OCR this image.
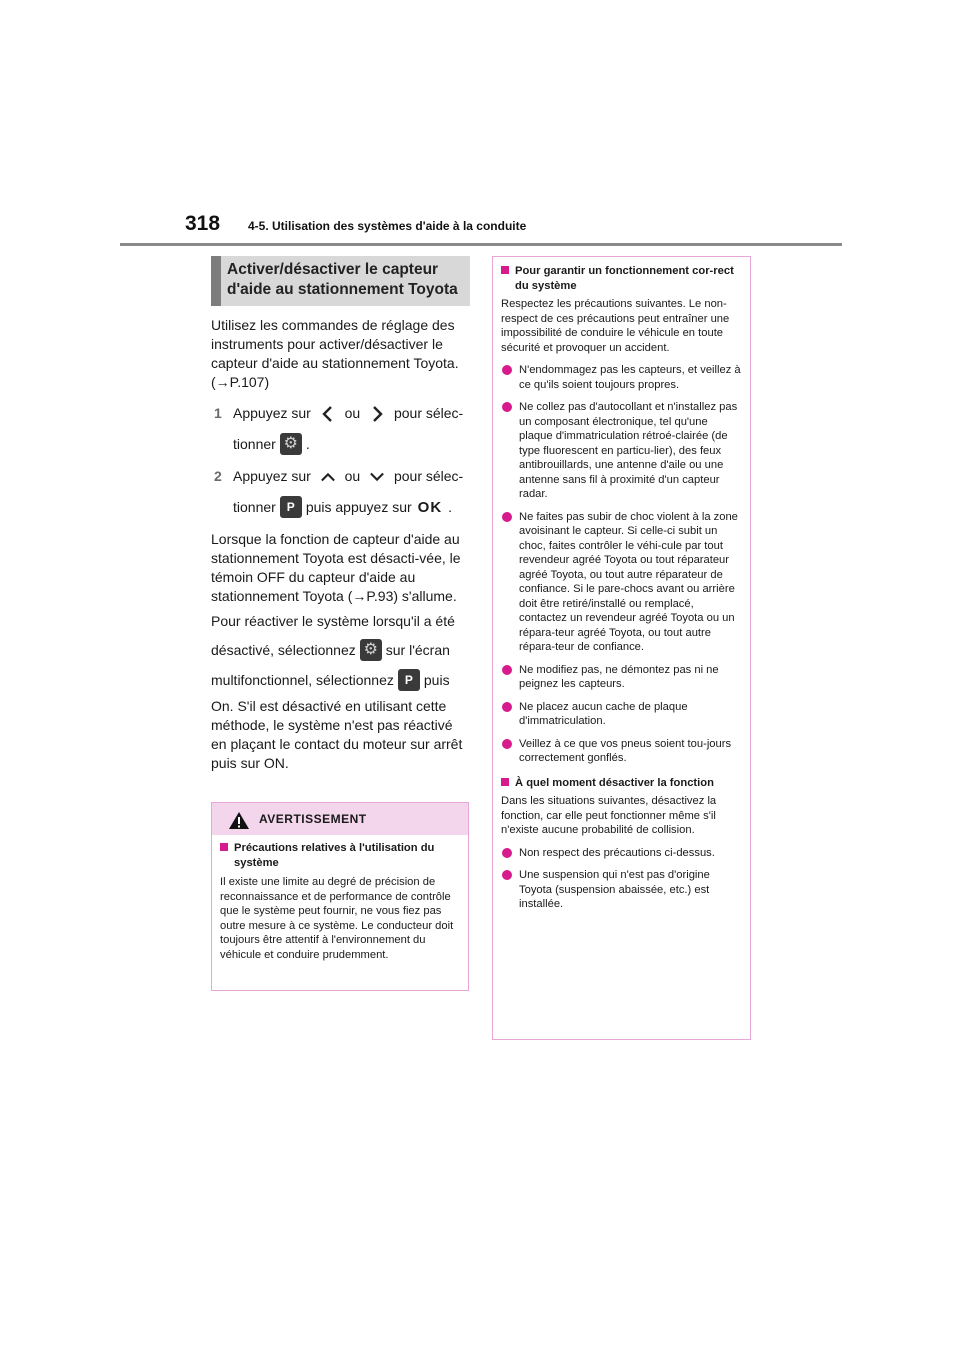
318 4-5. Utilisation des systèmes d'aide à la conduite
Activer/désactiver le capteur
d'aide au stationnement Toyota

Utilisez les commandes de réglage des instruments pour activer/désactiver le capteur d'aide au stationnement Toyota. (→P.107)

1 Appuyez sur ou pour sélec-
tionner ⚙ .
2 Appuyez sur ou pour sélec-
tionner P puis appuyez sur OK .

Lorsque la fonction de capteur d'aide au stationnement Toyota est désacti-vée, le témoin OFF du capteur d'aide au stationnement Toyota (→P.93) s'allume.

Pour réactiver le système lorsqu'il a été
désactivé, sélectionnez ⚙ sur l'écran
multifonctionnel, sélectionnez P puis
On. S'il est désactivé en utilisant cette méthode, le système n'est pas réactivé en plaçant le contact du moteur sur arrêt puis sur ON.
AVERTISSEMENT
Précautions relatives à l'utilisation du système
Il existe une limite au degré de précision de reconnaissance et de performance de contrôle que le système peut fournir, ne vous fiez pas outre mesure à ce système. Le conducteur doit toujours être attentif à l'environnement du véhicule et conduire prudemment.
Pour garantir un fonctionnement cor-rect du système
Respectez les précautions suivantes. Le non-respect de ces précautions peut entraîner une impossibilité de conduire le véhicule en toute sécurité et provoquer un accident.
N'endommagez pas les capteurs, et veillez à ce qu'ils soient toujours propres.
Ne collez pas d'autocollant et n'installez pas un composant électronique, tel qu'une plaque d'immatriculation rétroé-clairée (de type fluorescent en particu-lier), des feux antibrouillards, une antenne d'aile ou une antenne sans fil à proximité d'un capteur radar.
Ne faites pas subir de choc violent à la zone avoisinant le capteur. Si celle-ci subit un choc, faites contrôler le véhi-cule par tout revendeur agréé Toyota ou tout réparateur agréé Toyota, ou tout autre réparateur de confiance. Si le pare-chocs avant ou arrière doit être retiré/installé ou remplacé, contactez un revendeur agréé Toyota ou un répara-teur agréé Toyota, ou tout autre répara-teur de confiance.
Ne modifiez pas, ne démontez pas ni ne peignez les capteurs.
Ne placez aucun cache de plaque d'immatriculation.
Veillez à ce que vos pneus soient tou-jours correctement gonflés.
À quel moment désactiver la fonction
Dans les situations suivantes, désactivez la fonction, car elle peut fonctionner même s'il n'existe aucune probabilité de collision.
Non respect des précautions ci-dessus.
Une suspension qui n'est pas d'origine Toyota (suspension abaissée, etc.) est installée.
